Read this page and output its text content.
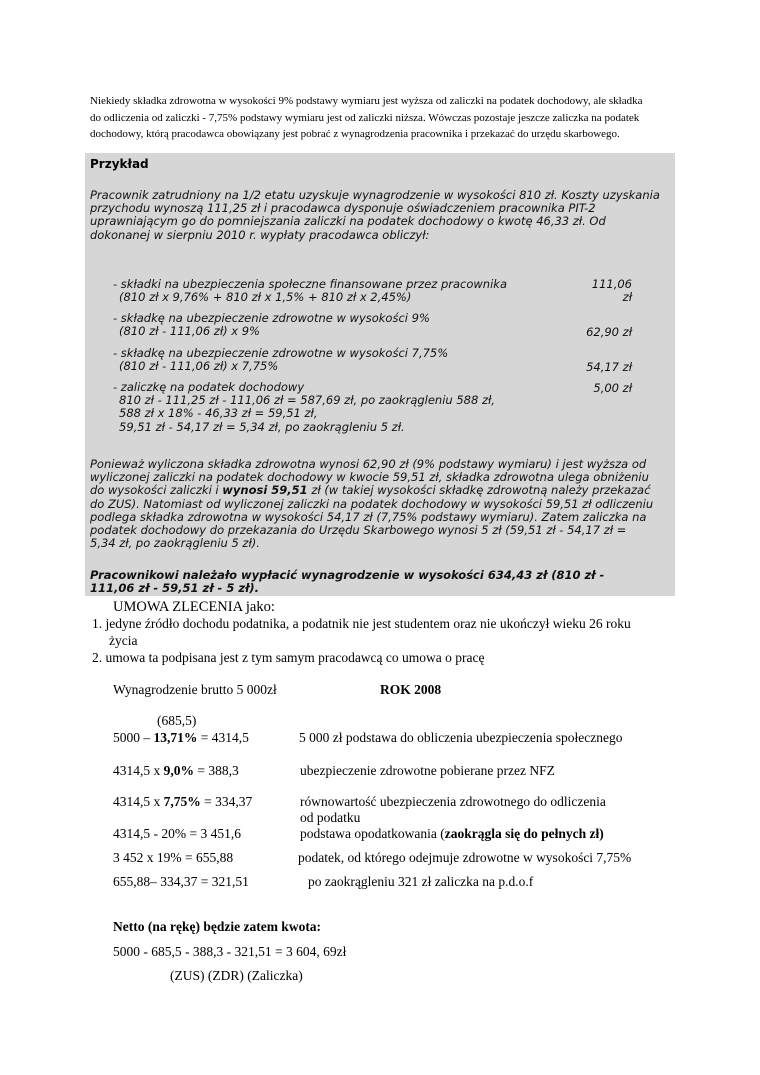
Niekiedy składka zdrowotna w wysokości 9% podstawy wymiaru jest wyższa od zaliczki na podatek dochodowy, ale składka
do odliczenia od zaliczki - 7,75% podstawy wymiaru jest od zaliczki niższa. Wówczas pozostaje jeszcze zaliczka na podatek
dochodowy, którą pracodawca obowiązany jest pobrać z wynagrodzenia pracownika i przekazać do urzędu skarbowego.
Przykład
Pracownik zatrudniony na 1/2 etatu uzyskuje wynagrodzenie w wysokości 810 zł. Koszty uzyskania
przychodu wynoszą 111,25 zł i pracodawca dysponuje oświadczeniem pracownika PIT-2
uprawniającym go do pomniejszania zaliczki na podatek dochodowy o kwotę 46,33 zł. Od
dokonanej w sierpniu 2010 r. wypłaty pracodawca obliczył:
- składki na ubezpieczenia społeczne finansowane przez pracownika
(810 zł x 9,76% + 810 zł x 1,5% + 810 zł x 2,45%)
111,06
zł
- składkę na ubezpieczenie zdrowotne w wysokości 9%
(810 zł - 111,06 zł) x 9%	62,90 zł
- składkę na ubezpieczenie zdrowotne w wysokości 7,75%
(810 zł - 111,06 zł) x 7,75%	54,17 zł
- zaliczkę na podatek dochodowy
810 zł - 111,25 zł - 111,06 zł = 587,69 zł, po zaokrągleniu 588 zł,
588 zł x 18% - 46,33 zł = 59,51 zł,
59,51 zł - 54,17 zł = 5,34 zł, po zaokrągleniu 5 zł.
5,00 zł
Ponieważ wyliczona składka zdrowotna wynosi 62,90 zł (9% podstawy wymiaru) i jest wyższa od
wyliczonej zaliczki na podatek dochodowy w kwocie 59,51 zł, składka zdrowotna ulega obniżeniu
do wysokości zaliczki i wynosi 59,51 zł (w takiej wysokości składkę zdrowotną należy przekazać
do ZUS). Natomiast od wyliczonej zaliczki na podatek dochodowy w wysokości 59,51 zł odliczeniu
podlega składka zdrowotna w wysokości 54,17 zł (7,75% podstawy wymiaru). Zatem zaliczka na
podatek dochodowy do przekazania do Urzędu Skarbowego wynosi 5 zł (59,51 zł - 54,17 zł =
5,34 zł, po zaokrągleniu 5 zł).
Pracownikowi należało wypłacić wynagrodzenie w wysokości 634,43 zł (810 zł -
111,06 zł - 59,51 zł - 5 zł).
UMOWA ZLECENIA jako:
1. jedyne źródło dochodu podatnika, a podatnik nie jest studentem oraz nie ukończył wieku 26 roku
życia
2. umowa ta podpisana jest z tym samym pracodawcą co umowa o pracę
Wynagrodzenie brutto 5 000zł	ROK 2008
(685,5)
5000 – 13,71% = 4314,5	5 000 zł podstawa do obliczenia ubezpieczenia społecznego
4314,5 x 9,0% = 388,3	ubezpieczenie zdrowotne pobierane przez NFZ
4314,5 x 7,75% = 334,37	równowartość ubezpieczenia zdrowotnego do odliczenia
od podatku
4314,5 - 20% = 3 451,6	podstawa opodatkowania (zaokrągla się do pełnych zł)
3 452 x 19% = 655,88	podatek, od którego odejmuje zdrowotne w wysokości 7,75%
655,88– 334,37 = 321,51	po zaokrągleniu 321 zł zaliczka na p.d.o.f
Netto (na rękę) będzie zatem kwota:
5000 - 685,5 - 388,3 - 321,51 = 3 604, 69zł
(ZUS) (ZDR) (Zaliczka)
